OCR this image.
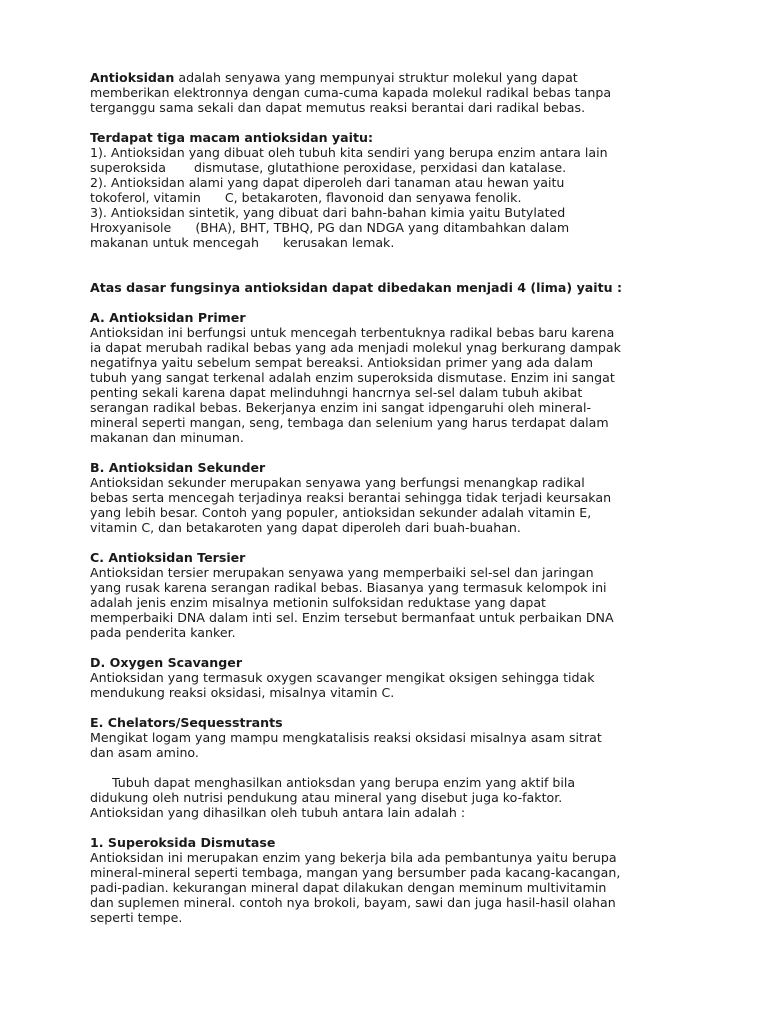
Antioksidan adalah senyawa yang mempunyai struktur molekul yang dapat

memberikan elektronnya dengan cuma-cuma kapada molekul radikal bebas tanpa

terganggu sama sekali dan dapat memutus reaksi berantai dari radikal bebas.

Terdapat tiga macam antioksidan yaitu:

1). Antioksidan yang dibuat oleh tubuh kita sendiri yang berupa enzim antara lain

superoksida       dismutase, glutathione peroxidase, perxidasi dan katalase.

2). Antioksidan alami yang dapat diperoleh dari tanaman atau hewan yaitu

tokoferol, vitamin      C, betakaroten, flavonoid dan senyawa fenolik.

3). Antioksidan sintetik, yang dibuat dari bahn-bahan kimia yaitu Butylated

Hroxyanisole      (BHA), BHT, TBHQ, PG dan NDGA yang ditambahkan dalam

makanan untuk mencegah      kerusakan lemak.

Atas dasar fungsinya antioksidan dapat dibedakan menjadi 4 (lima) yaitu :

A. Antioksidan Primer

Antioksidan ini berfungsi untuk mencegah terbentuknya radikal bebas baru karena

ia dapat merubah radikal bebas yang ada menjadi molekul ynag berkurang dampak

negatifnya yaitu sebelum sempat bereaksi. Antioksidan primer yang ada dalam

tubuh yang sangat terkenal adalah enzim superoksida dismutase. Enzim ini sangat

penting sekali karena dapat melinduhngi hancrnya sel-sel dalam tubuh akibat

serangan radikal bebas. Bekerjanya enzim ini sangat idpengaruhi oleh mineral-

mineral seperti mangan, seng, tembaga dan selenium yang harus terdapat dalam

makanan dan minuman.

B. Antioksidan Sekunder

Antioksidan sekunder merupakan senyawa yang berfungsi menangkap radikal

bebas serta mencegah terjadinya reaksi berantai sehingga tidak terjadi keursakan

yang lebih besar. Contoh yang populer, antioksidan sekunder adalah vitamin E,

vitamin C, dan betakaroten yang dapat diperoleh dari buah-buahan.

C. Antioksidan Tersier

Antioksidan tersier merupakan senyawa yang memperbaiki sel-sel dan jaringan

yang rusak karena serangan radikal bebas. Biasanya yang termasuk kelompok ini

adalah jenis enzim misalnya metionin sulfoksidan reduktase yang dapat

memperbaiki DNA dalam inti sel. Enzim tersebut bermanfaat untuk perbaikan DNA

pada penderita kanker.

D. Oxygen Scavanger

Antioksidan yang termasuk oxygen scavanger mengikat oksigen sehingga tidak

mendukung reaksi oksidasi, misalnya vitamin C.

E. Chelators/Sequesstrants

Mengikat logam yang mampu mengkatalisis reaksi oksidasi misalnya asam sitrat

dan asam amino.

Tubuh dapat menghasilkan antioksdan yang berupa enzim yang aktif bila

didukung oleh nutrisi pendukung atau mineral yang disebut juga ko-faktor.

Antioksidan yang dihasilkan oleh tubuh antara lain adalah :

1. Superoksida Dismutase

Antioksidan ini merupakan enzim yang bekerja bila ada pembantunya yaitu berupa

mineral-mineral seperti tembaga, mangan yang bersumber pada kacang-kacangan,

padi-padian. kekurangan mineral dapat dilakukan dengan meminum multivitamin

dan suplemen mineral. contoh nya brokoli, bayam, sawi dan juga hasil-hasil olahan

seperti tempe.
